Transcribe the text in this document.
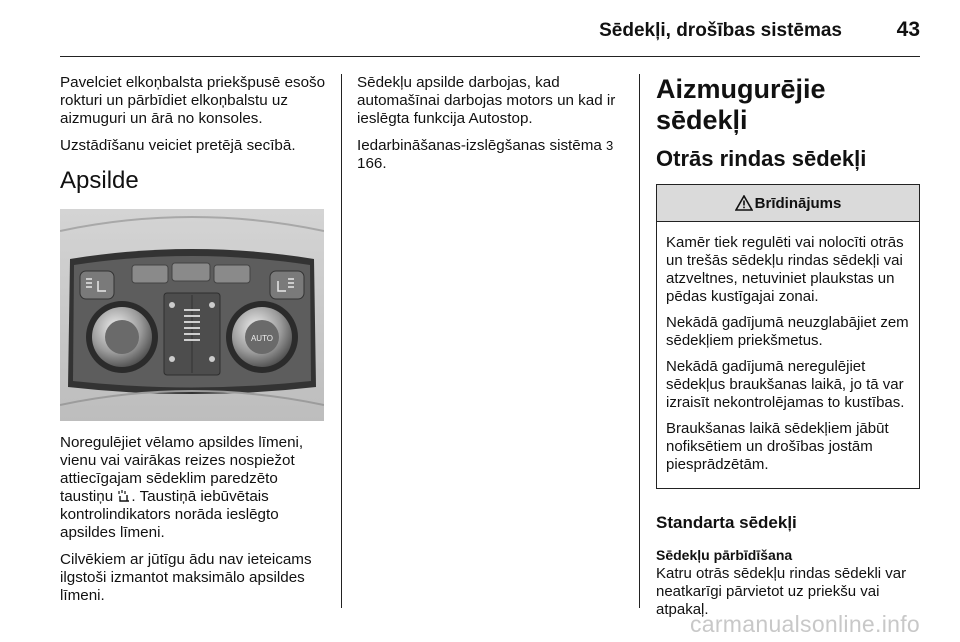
Sēdekļi, drošības sistēmas	43

Pavelciet elkoņbalsta priekšpusē esošo rokturi un pārbīdiet elkoņbalstu uz aizmuguri un ārā no konsoles.

Uzstādīšanu veiciet pretējā secībā.

Apsilde
AUTO

Noregulējiet vēlamo apsildes līmeni, vienu vai vairākas reizes nospiežot attiecīgajam sēdeklim paredzēto taustiņu . Taustiņā iebūvētais kontrolindikators norāda ieslēgto apsildes līmeni.

Cilvēkiem ar jūtīgu ādu nav ieteicams ilgstoši izmantot maksimālo apsildes līmeni.

Sēdekļu apsilde darbojas, kad automašīnai darbojas motors un kad ir ieslēgta funkcija Autostop.

Iedarbināšanas-izslēgšanas sistēma 3 166.

Aizmugurējie sēdekļi
Otrās rindas sēdekļi
Brīdinājums

Kamēr tiek regulēti vai nolocīti otrās un trešās sēdekļu rindas sēdekļi vai atzveltnes, netuviniet plaukstas un pēdas kustīgajai zonai.

Nekādā gadījumā neuzglabājiet zem sēdekļiem priekšmetus.

Nekādā gadījumā neregulējiet sēdekļus braukšanas laikā, jo tā var izraisīt nekontrolējamas to kustības.

Braukšanas laikā sēdekļiem jābūt nofiksētiem un drošības jostām piesprādzētām.

Standarta sēdekļi
Sēdekļu pārbīdīšana

Katru otrās sēdekļu rindas sēdekli var neatkarīgi pārvietot uz priekšu vai atpakaļ.

carmanualsonline.info
